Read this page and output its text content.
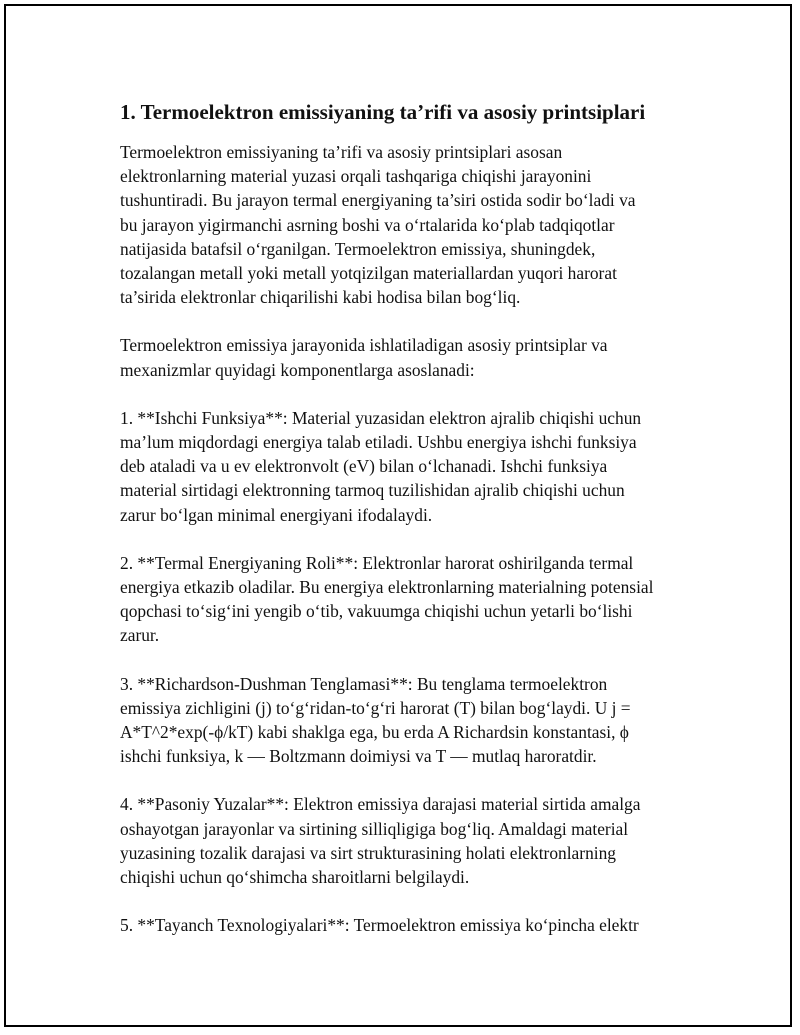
1. Termoelektron emissiyaning ta’rifi va asosiy printsiplari

Termoelektron emissiyaning ta’rifi va asosiy printsiplari asosan
elektronlarning material yuzasi orqali tashqariga chiqishi jarayonini
tushuntiradi. Bu jarayon termal energiyaning ta’siri ostida sodir bo‘ladi va
bu jarayon yigirmanchi asrning boshi va o‘rtalarida ko‘plab tadqiqotlar
natijasida batafsil o‘rganilgan. Termoelektron emissiya, shuningdek,
tozalangan metall yoki metall yotqizilgan materiallardan yuqori harorat
ta’sirida elektronlar chiqarilishi kabi hodisa bilan bog‘liq.

Termoelektron emissiya jarayonida ishlatiladigan asosiy printsiplar va
mexanizmlar quyidagi komponentlarga asoslanadi:

1. **Ishchi Funksiya**: Material yuzasidan elektron ajralib chiqishi uchun
ma’lum miqdordagi energiya talab etiladi. Ushbu energiya ishchi funksiya
deb ataladi va u ev elektronvolt (eV) bilan o‘lchanadi. Ishchi funksiya
material sirtidagi elektronning tarmoq tuzilishidan ajralib chiqishi uchun
zarur bo‘lgan minimal energiyani ifodalaydi.

2. **Termal Energiyaning Roli**: Elektronlar harorat oshirilganda termal
energiya etkazib oladilar. Bu energiya elektronlarning materialning potensial
qopchasi to‘sig‘ini yengib o‘tib, vakuumga chiqishi uchun yetarli bo‘lishi
zarur.

3. **Richardson-Dushman Tenglamasi**: Bu tenglama termoelektron
emissiya zichligini (j) to‘g‘ridan-to‘g‘ri harorat (T) bilan bog‘laydi. U j =
A*T^2*exp(-ϕ/kT) kabi shaklga ega, bu erda A Richardsin konstantasi, ϕ
ishchi funksiya, k — Boltzmann doimiysi va T — mutlaq haroratdir.

4. **Pasoniy Yuzalar**: Elektron emissiya darajasi material sirtida amalga
oshayotgan jarayonlar va sirtining silliqligiga bog‘liq. Amaldagi material
yuzasining tozalik darajasi va sirt strukturasining holati elektronlarning
chiqishi uchun qo‘shimcha sharoitlarni belgilaydi.

5. **Tayanch Texnologiyalari**: Termoelektron emissiya ko‘pincha elektr
